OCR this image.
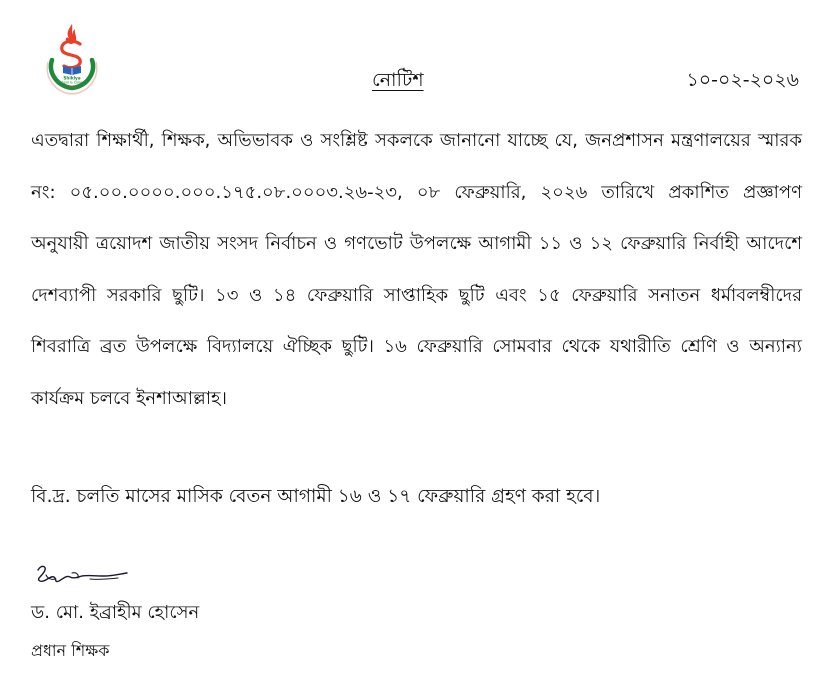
Shiklya
School & College
Dhaka	নোটিশ	১০-০২-২০২৬

এতদ্বারা শিক্ষার্থী, শিক্ষক, অভিভাবক ও সংশ্লিষ্ট সকলকে জানানো যাচ্ছে যে, জনপ্রশাসন মন্ত্রণালয়ের স্মারক নং: ০৫.০০.০০০০.০০০.১৭৫.০৮.০০০৩.২৬-২৩, ০৮ ফেব্রুয়ারি, ২০২৬ তারিখে প্রকাশিত প্রজ্ঞাপণ অনুযায়ী ত্রয়োদশ জাতীয় সংসদ নির্বাচন ও গণভোট উপলক্ষে আগামী ১১ ও ১২ ফেব্রুয়ারি নির্বাহী আদেশে দেশব্যাপী সরকারি ছুটি। ১৩ ও ১৪ ফেব্রুয়ারি সাপ্তাহিক ছুটি এবং ১৫ ফেব্রুয়ারি সনাতন ধর্মাবলম্বীদের শিবরাত্রি ব্রত উপলক্ষে বিদ্যালয়ে ঐচ্ছিক ছুটি। ১৬ ফেব্রুয়ারি সোমবার থেকে যথারীতি শ্রেণি ও অন্যান্য কার্যক্রম চলবে ইনশাআল্লাহ।

বি.দ্র. চলতি মাসের মাসিক বেতন আগামী ১৬ ও ১৭ ফেব্রুয়ারি গ্রহণ করা হবে।
ড. মো. ইব্রাহীম হোসেন
প্রধান শিক্ষক
